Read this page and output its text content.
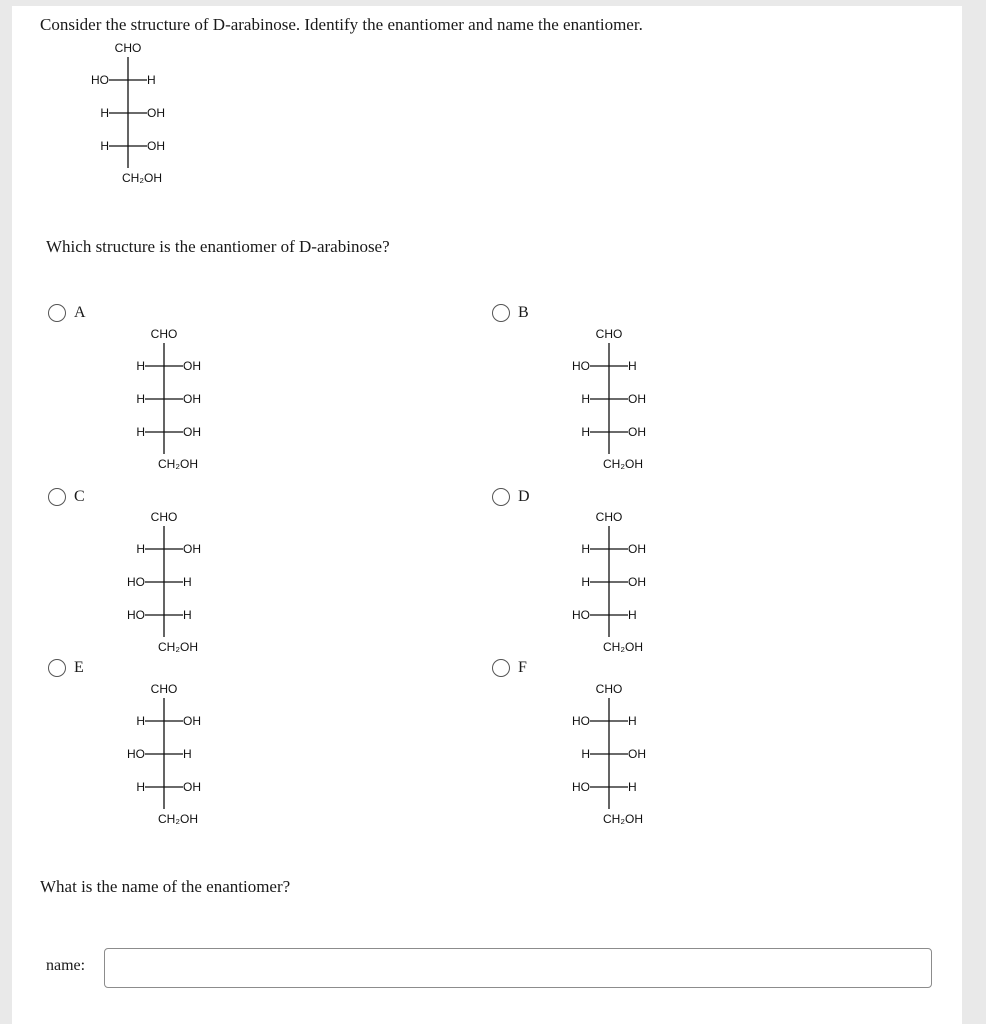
Consider the structure of D-arabinose. Identify the enantiomer and name the enantiomer.
CHO
HO	H
H	OH
H	OH
CH₂OH
Which structure is the enantiomer of D-arabinose?
A
CHO
H	OH
H	OH
H	OH
CH₂OH
B
CHO
HO	H
H	OH
H	OH
CH₂OH
C
CHO
H	OH
HO	H
HO	H
CH₂OH
D
CHO
H	OH
H	OH
HO	H
CH₂OH
E
CHO
H	OH
HO	H
H	OH
CH₂OH
F
CHO
HO	H
H	OH
HO	H
CH₂OH
What is the name of the enantiomer?
name:
